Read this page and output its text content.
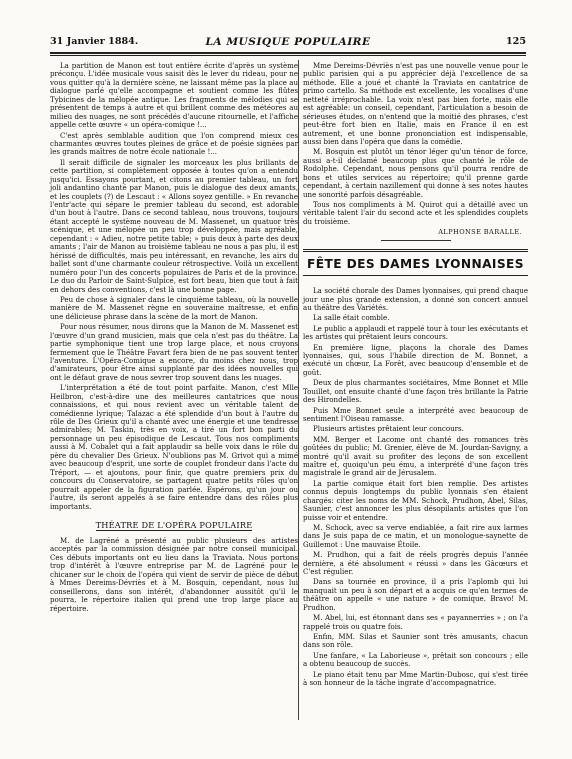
31 Janvier 1884.	LA MUSIQUE POPULAIRE	125

La partition de Manon est tout entière écrite d'après un système préconçu. L'idée musicale vous saisit dès le lever du rideau, pour ne vous quitter qu'à la dernière scène, ne laissant même pas la place au dialogue parlé qu'elle accompagne et soutient comme les flûtes Tybicines de la mélopée antique. Les fragments de mélodies qui se présentent de temps à autre et qui brillent comme des météores au milieu des nuages, ne sont précédés d'aucune ritournelle, et l'affiche appelle cette œuvre « un opéra-comique !...

C'est après semblable audition que l'on comprend mieux ces charmantes œuvres toutes pleines de grâce et de poésie signées par les grands maîtres de notre école nationale !...

Il serait difficile de signaler les morceaux les plus brillants de cette partition, si complètement opposée à toutes qu'on a entendu jusqu'ici. Essayons pourtant, et citons au premier tableau, un fort joli andantino chanté par Manon, puis le dialogue des deux amants, et les couplets (?) de Lescaut : « Allons soyez gentille. » En revanche l'entr'acte qui sépare le premier tableau du second, est adorable d'un bout à l'autre. Dans ce second tableau, nous trouvons, toujours étant accepté le système nouveau de M. Massenet, un quatuor très scénique, et une mélopée un peu trop développée, mais agréable, cependant : « Adieu, notre petite table; » puis deux à parte des deux amants ; l'air de Manon au troisième tableau ne nous a pas plu, il est hérissé de difficultés, mais peu intéressant, en revanche, les airs du ballet sont d'une charmante couleur rétrospective. Voilà un excellent numéro pour l'un des concerts populaires de Paris et de la province. Le duo du Parloir de Saint-Sulpice, est fort beau, bien que tout à fait en dehors des conventions, c'est là une bonne page.

Peu de chose à signaler dans le cinquième tableau, où la nouvelle manière de M. Massenet règne en souveraine maîtresse, et enfin une délicieuse phrase dans la scène de la mort de Manon.

Pour nous résumer, nous dirons que la Manon de M. Massenet est l'œuvre d'un grand musicien, mais que cela n'est pas du théâtre. La partie symphonique tient une trop large place, et nous croyons fermement que le Théâtre Favart fera bien de ne pas souvent tenter l'aventure. L'Opéra-Comique a encore, du moins chez nous, trop d'amirateurs, pour être ainsi supplanté par des idées nouvelles qui ont le défaut grave de nous sevrer trop souvent dans les nuages.

L'interprétation a été de tout point parfaite. Manon, c'est Mlle Heilbron, c'est-à-dire une des meilleures cantatrices que nous connaissions, et qui nous revient avec un véritable talent de comédienne lyrique; Talazac a été splendide d'un bout à l'autre du rôle de Des Grieux qu'il a chanté avec une énergie et une tendresse admirables; M. Taskin, très en voix, a tiré un fort bon parti du personnage un peu épisodique de Lescaut. Tous nos compliments aussi à M. Cobalet qui a fait applaudir sa belle voix dans le rôle du père du chevalier Des Grieux. N'oublions pas M. Grivot qui a mimé avec beaucoup d'esprit, une sorte de couplet frondeur dans l'acte du Tréport, — et ajoutons, pour finir, que quatre premiers prix du concours du Conservatoire, se partagent quatre petits rôles qu'on pourrait appeler de la figuration parlée. Espérons, qu'un jour ou l'autre, ils seront appelés à se faire entendre dans des rôles plus importants.

THÉATRE DE L'OPÉRA POPULAIRE

M. de Lagréné a présenté au public plusieurs des artistes acceptés par la commission désignée par notre conseil municipal. Ces débuts importants ont eu lieu dans la Traviata. Nous portons trop d'intérêt à l'œuvre entreprise par M. de Lagréné pour le chicaner sur le choix de l'opéra qui vient de servir de pièce de début à Mmes Dereims-Dévriès et à M. Bosquin, cependant, nous lui conseillerons, dans son intérêt, d'abandonner aussitôt qu'il le pourra, le répertoire italien qui prend une trop large place au répertoire.

Mme Dereims-Dévriès n'est pas une nouvelle venue pour le public parisien qui a pu apprécier déjà l'excellence de sa méthode. Elle a joué et chanté la Traviata en cantatrice de primo cartello. Sa méthode est excellente, les vocalises d'une netteté irréprochable. La voix n'est pas bien forte, mais elle est agréable: un conseil, cependant, l'articulation a besoin de sérieuses études, on n'entend que la moitié des phrases, c'est peut-être fort bien en Italie, mais en France il en est autrement, et une bonne prononciation est indispensable, aussi bien dans l'opéra que dans la comédie.

M. Bosquin est plutôt un ténor léger qu'un ténor de force, aussi a-t-il déclamé beaucoup plus que chanté le rôle de Rodolphe. Cependant, nous pensons qu'il pourra rendre de bons et utiles services au répertoire; qu'il prenne garde cependant, à certain nazillement qui donne à ses notes hautes une sonorité parfois désagréable.

Tous nos compliments à M. Quirot qui a détaillé avec un véritable talent l'air du second acte et les splendides couplets du troisième.

ALPHONSE BARALLE.
FÊTE DES DAMES LYONNAISES

La société chorale des Dames lyonnaises, qui prend chaque jour une plus grande extension, a donné son concert annuel au théâtre des Variétés.

La salle était comble.

Le public a applaudi et rappelé tour à tour les exécutants et les artistes qui prêtaient leurs concours.

En première ligne, plaçons la chorale des Dames lyonnaises, qui, sous l'habile direction de M. Bonnet, a exécuté un chœur, La Forêt, avec beaucoup d'ensemble et de goût.

Deux de plus charmantes sociétaires, Mme Bonnet et Mlle Touillet, ont ensuite chanté d'une façon très brillante la Patrie des Hirondelles.

Puis Mme Bonnet seule a interprété avec beaucoup de sentiment l'Oiseau ramasse.

Plusieurs artistes prêtaient leur concours.

MM. Berger et Lacome ont chanté des romances très goûtées du public; M. Grenier, élève de M. Jourdan-Savigny, a montré qu'il avait su profiter des leçons de son excellent maître et, quoiqu'un peu ému, a interprété d'une façon très magistrale le grand air de Jérusalem.

La partie comique était fort bien remplie. Des artistes connus depuis longtemps du public lyonnais s'en étaient chargés: citer les noms de MM. Schock, Prudhon, Abel, Silas, Saunier, c'est annoncer les plus désopilants artistes que l'on puisse voir et entendre.

M. Schock, avec sa verve endiablée, a fait rire aux larmes dans Je suis papa de ce matin, et un monologue-saynette de Guillemot : Une mauvaise Étoile.

M. Prudhon, qui a fait de réels progrès depuis l'année dernière, a été absolument « réussi » dans les Gâcœurs et C'est régulier.

Dans sa tournée en province, il a pris l'aplomb qui lui manquait un peu à son départ et a acquis ce qu'en termes de théâtre on appelle « une nature » de comique. Bravo! M. Prudhon.

M. Abel, lui, est étonnant dans ses « payannerries » ; on l'a rappelé trois ou quatre fois.

Enfin, MM. Silas et Saunier sont très amusants, chacun dans son rôle.

Une fanfare, « La Laborieuse », prêtait son concours ; elle a obtenu beaucoup de succès.

Le piano était tenu par Mme Martin-Dubosc, qui s'est tirée à son honneur de la tâche ingrate d'accompagnatrice.
